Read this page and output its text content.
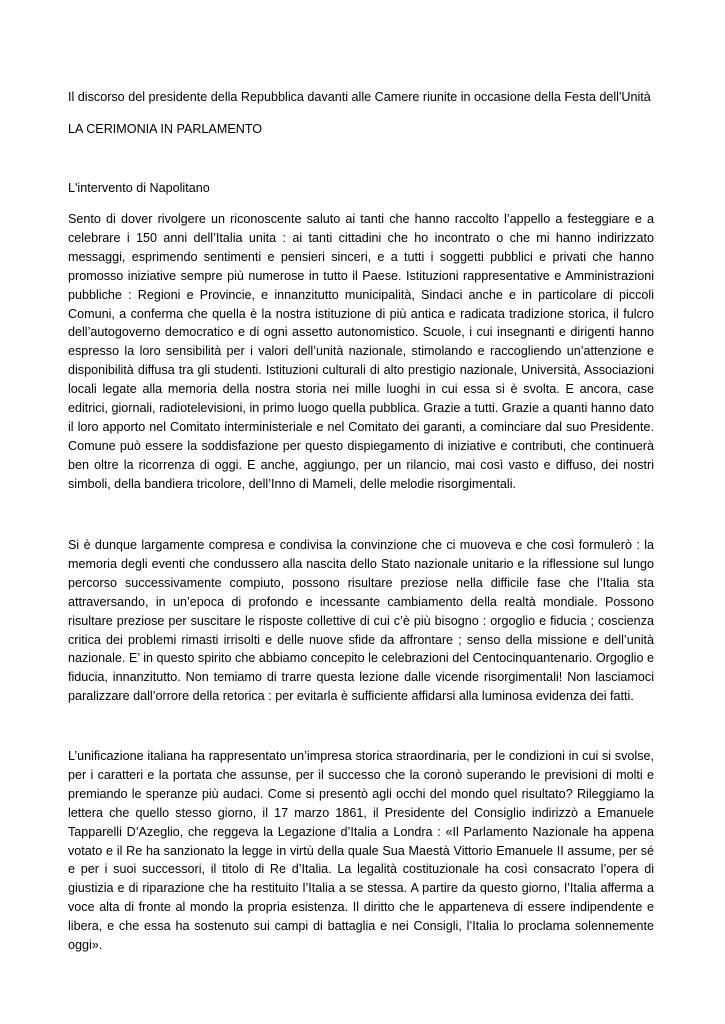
Il discorso del presidente della Repubblica davanti alle Camere riunite in occasione della Festa dell'Unità

LA CERIMONIA IN PARLAMENTO

L'intervento di Napolitano

Sento di dover rivolgere un riconoscente saluto ai tanti che hanno raccolto l’appello a festeggiare e a celebrare i 150 anni dell’Italia unita : ai tanti cittadini che ho incontrato o che mi hanno indirizzato messaggi, esprimendo sentimenti e pensieri sinceri, e a tutti i soggetti pubblici e privati che hanno promosso iniziative sempre più numerose in tutto il Paese. Istituzioni rappresentative e Amministrazioni pubbliche : Regioni e Provincie, e innanzitutto municipalità, Sindaci anche e in particolare di piccoli Comuni, a conferma che quella è la nostra istituzione di più antica e radicata tradizione storica, il fulcro dell’autogoverno democratico e di ogni assetto autonomistico. Scuole, i cui insegnanti e dirigenti hanno espresso la loro sensibilità per i valori dell’unità nazionale, stimolando e raccogliendo un’attenzione e disponibilità diffusa tra gli studenti. Istituzioni culturali di alto prestigio nazionale, Università, Associazioni locali legate alla memoria della nostra storia nei mille luoghi in cui essa si è svolta. E ancora, case editrici, giornali, radiotelevisioni, in primo luogo quella pubblica. Grazie a tutti. Grazie a quanti hanno dato il loro apporto nel Comitato interministeriale e nel Comitato dei garanti, a cominciare dal suo Presidente. Comune può essere la soddisfazione per questo dispiegamento di iniziative e contributi, che continuerà ben oltre la ricorrenza di oggi. E anche, aggiungo, per un rilancio, mai così vasto e diffuso, dei nostri simboli, della bandiera tricolore, dell’Inno di Mameli, delle melodie risorgimentali.

Si è dunque largamente compresa e condivisa la convinzione che ci muoveva e che così formulerò : la memoria degli eventi che condussero alla nascita dello Stato nazionale unitario e la riflessione sul lungo percorso successivamente compiuto, possono risultare preziose nella difficile fase che l’Italia sta attraversando, in un’epoca di profondo e incessante cambiamento della realtà mondiale. Possono risultare preziose per suscitare le risposte collettive di cui c’è più bisogno : orgoglio e fiducia ; coscienza critica dei problemi rimasti irrisolti e delle nuove sfide da affrontare ; senso della missione e dell’unità nazionale. E’ in questo spirito che abbiamo concepito le celebrazioni del Centocinquantenario. Orgoglio e fiducia, innanzitutto. Non temiamo di trarre questa lezione dalle vicende risorgimentali! Non lasciamoci paralizzare dall’orrore della retorica : per evitarla è sufficiente affidarsi alla luminosa evidenza dei fatti.

L’unificazione italiana ha rappresentato un’impresa storica straordinaria, per le condizioni in cui si svolse, per i caratteri e la portata che assunse, per il successo che la coronò superando le previsioni di molti e premiando le speranze più audaci. Come si presentò agli occhi del mondo quel risultato? Rileggiamo la lettera che quello stesso giorno, il 17 marzo 1861, il Presidente del Consiglio indirizzò a Emanuele Tapparelli D’Azeglio, che reggeva la Legazione d’Italia a Londra : «Il Parlamento Nazionale ha appena votato e il Re ha sanzionato la legge in virtù della quale Sua Maestà Vittorio Emanuele II assume, per sé e per i suoi successori, il titolo di Re d’Italia. La legalità costituzionale ha così consacrato l’opera di giustizia e di riparazione che ha restituito l’Italia a se stessa. A partire da questo giorno, l’Italia afferma a voce alta di fronte al mondo la propria esistenza. Il diritto che le apparteneva di essere indipendente e libera, e che essa ha sostenuto sui campi di battaglia e nei Consigli, l’Italia lo proclama solennemente oggi».
